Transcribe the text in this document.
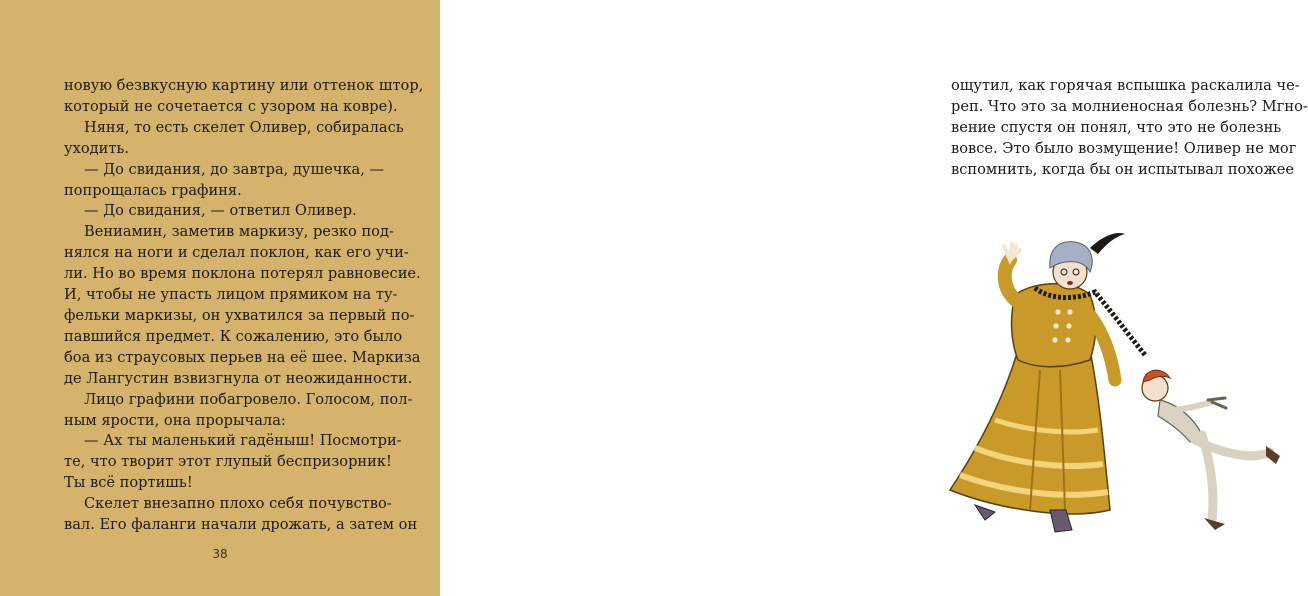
новую безвкусную картину или оттенок штор,
который не сочетается с узором на ковре).
Няня, то есть скелет Оливер, собиралась
уходить.
— До свидания, до завтра, душечка, —
попрощалась графиня.
— До свидания, — ответил Оливер.
Вениамин, заметив маркизу, резко под-
нялся на ноги и сделал поклон, как его учи-
ли. Но во время поклона потерял равновесие.
И, чтобы не упасть лицом прямиком на ту-
фельки маркизы, он ухватился за первый по-
павшийся предмет. К сожалению, это было
боа из страусовых перьев на её шее. Маркиза
де Лангустин взвизгнула от неожиданности.
Лицо графини побагровело. Голосом, пол-
ным ярости, она прорычала:
— Ах ты маленький гадёныш! Посмотри-
те, что творит этот глупый беспризорник!
Ты всё портишь!
Скелет внезапно плохо себя почувство-
вал. Его фаланги начали дрожать, а затем он
38
ощутил, как горячая вспышка раскалила че-
реп. Что это за молниеносная болезнь? Мгно-
вение спустя он понял, что это не болезнь
вовсе. Это было возмущение! Оливер не мог
вспомнить, когда бы он испытывал похожее
